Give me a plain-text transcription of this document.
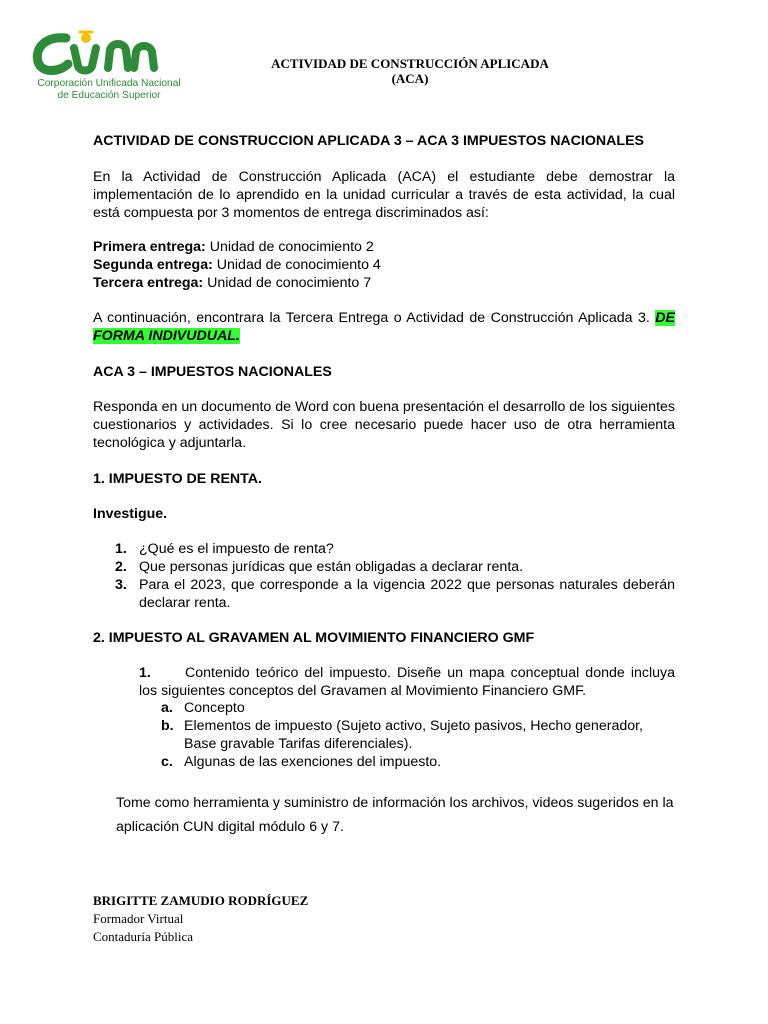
Corporación Unificada Nacional
de Educación Superior
ACTIVIDAD DE CONSTRUCCIÓN APLICADA
(ACA)
ACTIVIDAD DE CONSTRUCCION APLICADA 3 – ACA 3 IMPUESTOS NACIONALES
En la Actividad de Construcción Aplicada (ACA) el estudiante debe demostrar la implementación de lo aprendido en la unidad curricular a través de esta actividad, la cual está compuesta por 3 momentos de entrega discriminados así:
Primera entrega: Unidad de conocimiento 2
Segunda entrega: Unidad de conocimiento 4
Tercera entrega: Unidad de conocimiento 7
A continuación, encontrara la Tercera Entrega o Actividad de Construcción Aplicada 3. DE FORMA INDIVUDUAL.
ACA 3 – IMPUESTOS NACIONALES
Responda en un documento de Word con buena presentación el desarrollo de los siguientes cuestionarios y actividades. Si lo cree necesario puede hacer uso de otra herramienta tecnológica y adjuntarla.
1. IMPUESTO DE RENTA.
Investigue.
1. ¿Qué es el impuesto de renta?
2. Que personas jurídicas que están obligadas a declarar renta.
3. Para el 2023, que corresponde a la vigencia 2022 que personas naturales deberán declarar renta.
2. IMPUESTO AL GRAVAMEN AL MOVIMIENTO FINANCIERO GMF
1. Contenido teórico del impuesto. Diseñe un mapa conceptual donde incluya los siguientes conceptos del Gravamen al Movimiento Financiero GMF.
a. Concepto
b. Elementos de impuesto (Sujeto activo, Sujeto pasivos, Hecho generador, Base gravable Tarifas diferenciales).
c. Algunas de las exenciones del impuesto.
Tome como herramienta y suministro de información los archivos, videos sugeridos en la aplicación CUN digital módulo 6 y 7.
BRIGITTE ZAMUDIO RODRÍGUEZ
Formador Virtual
Contaduría Pública
